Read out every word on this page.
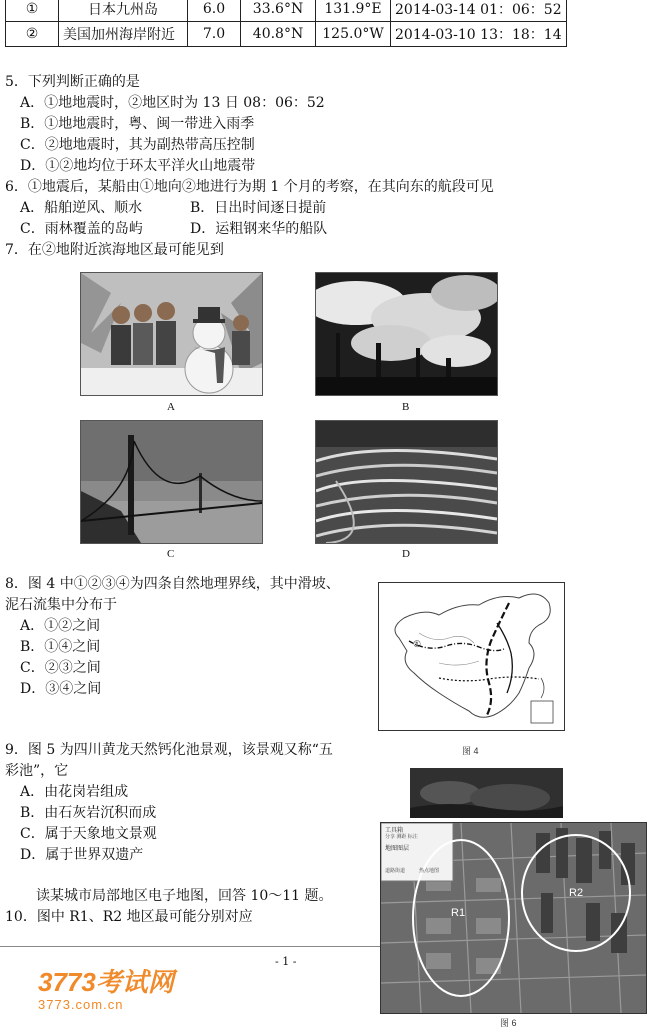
①	日本九州岛	6.0	33.6°N	131.9°E	2014-03-14 01：06：52
②	美国加州海岸附近	7.0	40.8°N	125.0°W	2014-03-10 13：18：14
5．下列判断正确的是
A．①地地震时，②地区时为 13 日 08：06：52
B．①地地震时，粤、闽一带进入雨季
C．②地地震时，其为副热带高压控制
D．①②地均位于环太平洋火山地震带
6．①地震后，某船由①地向②地进行为期 1 个月的考察，在其向东的航段可见
A．船舶逆风、顺水	B．日出时间逐日提前
C．雨林覆盖的岛屿	D．运粗钢来华的船队
7．在②地附近滨海地区最可能见到
A	B
C	D
8．图 4 中①②③④为四条自然地理界线，其中滑坡、
泥石流集中分布于
A．①②之间
B．①④之间
C．②③之间
D．③④之间
①
图 4
9．图 5 为四川黄龙天然钙化池景观，该景观又称“五
彩池”，它
A．由花岗岩组成
B．由石灰岩沉积而成
C．属于天象地文景观
D．属于世界双遗产
读某城市局部地区电子地图，回答 10～11 题。
10．图中 R1、R2 地区最可能分别对应
工具箱
分享 测距 标注
地图图层
道路街道	热点地图
R1
R2
图 6
- 1 -
3773考试网
3773.com.cn
